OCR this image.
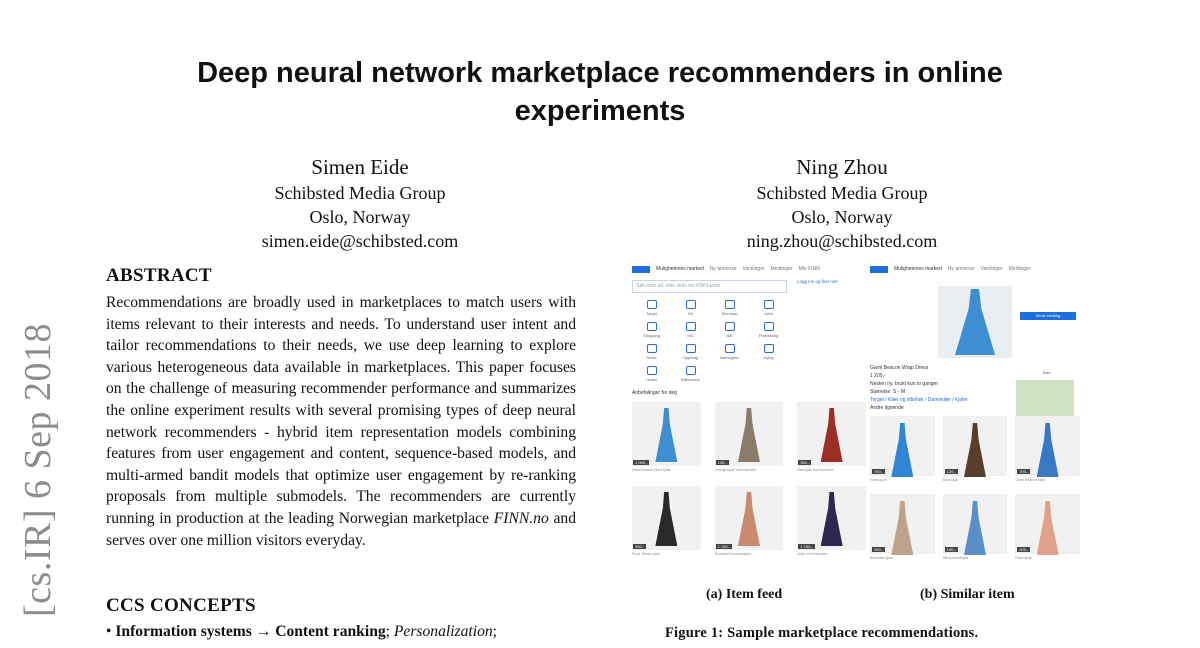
[cs.IR] 6 Sep 2018
Deep neural network marketplace recommenders in online
experiments
Simen Eide
Schibsted Media Group
Oslo, Norway
simen.eide@schibsted.com
Ning Zhou
Schibsted Media Group
Oslo, Norway
ning.zhou@schibsted.com
ABSTRACT

Recommendations are broadly used in marketplaces to match users with items relevant to their interests and needs. To understand user intent and tailor recommendations to their needs, we use deep learning to explore various heterogeneous data available in marketplaces. This paper focuses on the challenge of measuring recommender performance and summarizes the online experiment results with several promising types of deep neural network recommenders - hybrid item representation models combining features from user engagement and content, sequence-based models, and multi-armed bandit models that optimize user engagement by re-ranking proposals from multiple submodels. The recommenders are currently running in production at the leading Norwegian marketplace FINN.no and serves over one million visitors everyday.

CCS CONCEPTS
• Information systems → Content ranking; Personalization;
Mulighetenes marked Ny annonse Varslinger Meldinger Min FINN
Søk etter alt, eller skriv inn FINN-kode Logg inn og finn mer
Torget	Bil	Eiendom	Jobb
Shopping	MC	Båt	Fritidsbolig
Reise	Oppdrag	Næringsliv	Nyttig
Hotell	Båt&motor
Anbefalinger for deg
1 000,-
Garni Beacon Maxi Kjole
100,-
Vintage kjole med mønster
350,-
Rød kjole fra Fornarina
490,-
Svart Tildnet kjole
1 150,-
Blomstret Sommerkjole
1 150,-
Kjole med blomster
Mulighetenes marked Ny annonse Varslinger Meldinger
Send melding
Garni Beacon Wrap Dress
1 200,-
Nesten ny, brukt kun to ganger
Størrelse: S - M
Torget / Klær og tilbehør / Dameklær / Kjoler
Andre lignende
Kart
700,-
Garni kjole
120,-
Brun kjole
700,-
Garni Beacon Maxi
250,-
Blomstret kjole
150,-
Blå sommerkjole
200,-
Rosa kjole
(a) Item feed	(b) Similar item
Figure 1: Sample marketplace recommendations.
